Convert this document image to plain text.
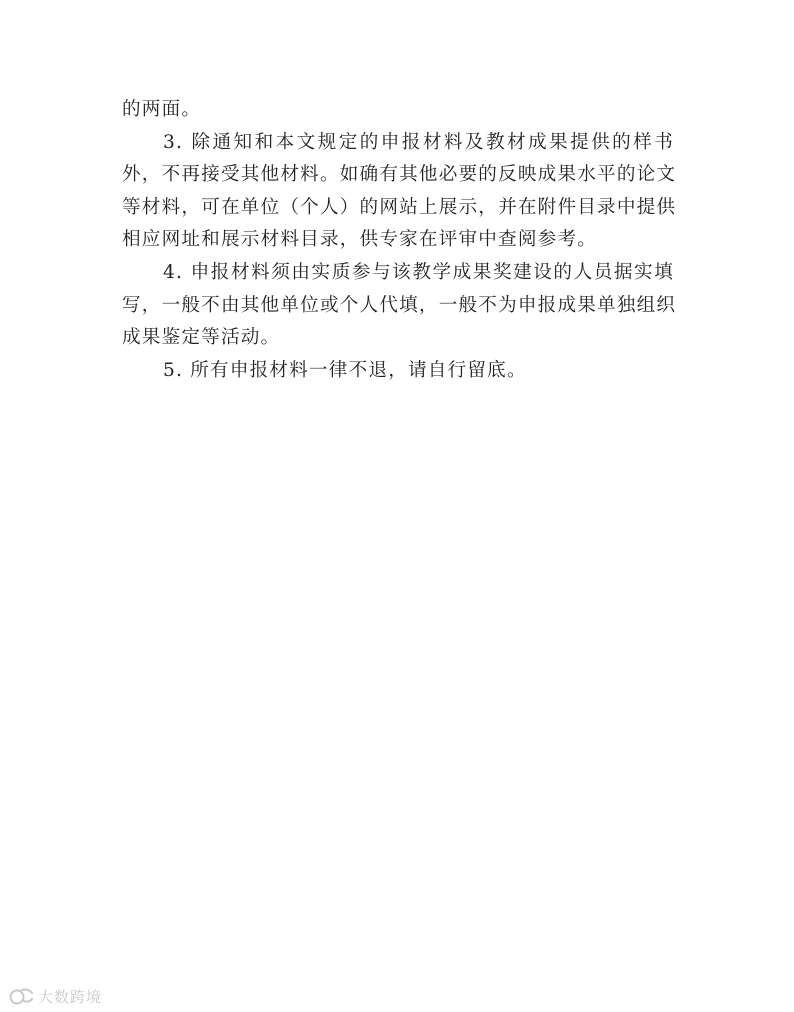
的两面。
3. 除通知和本文规定的申报材料及教材成果提供的样书
外，不再接受其他材料。如确有其他必要的反映成果水平的论文
等材料，可在单位（个人）的网站上展示，并在附件目录中提供
相应网址和展示材料目录，供专家在评审中查阅参考。
4. 申报材料须由实质参与该教学成果奖建设的人员据实填
写，一般不由其他单位或个人代填，一般不为申报成果单独组织
成果鉴定等活动。
5. 所有申报材料一律不退，请自行留底。

大数跨境
